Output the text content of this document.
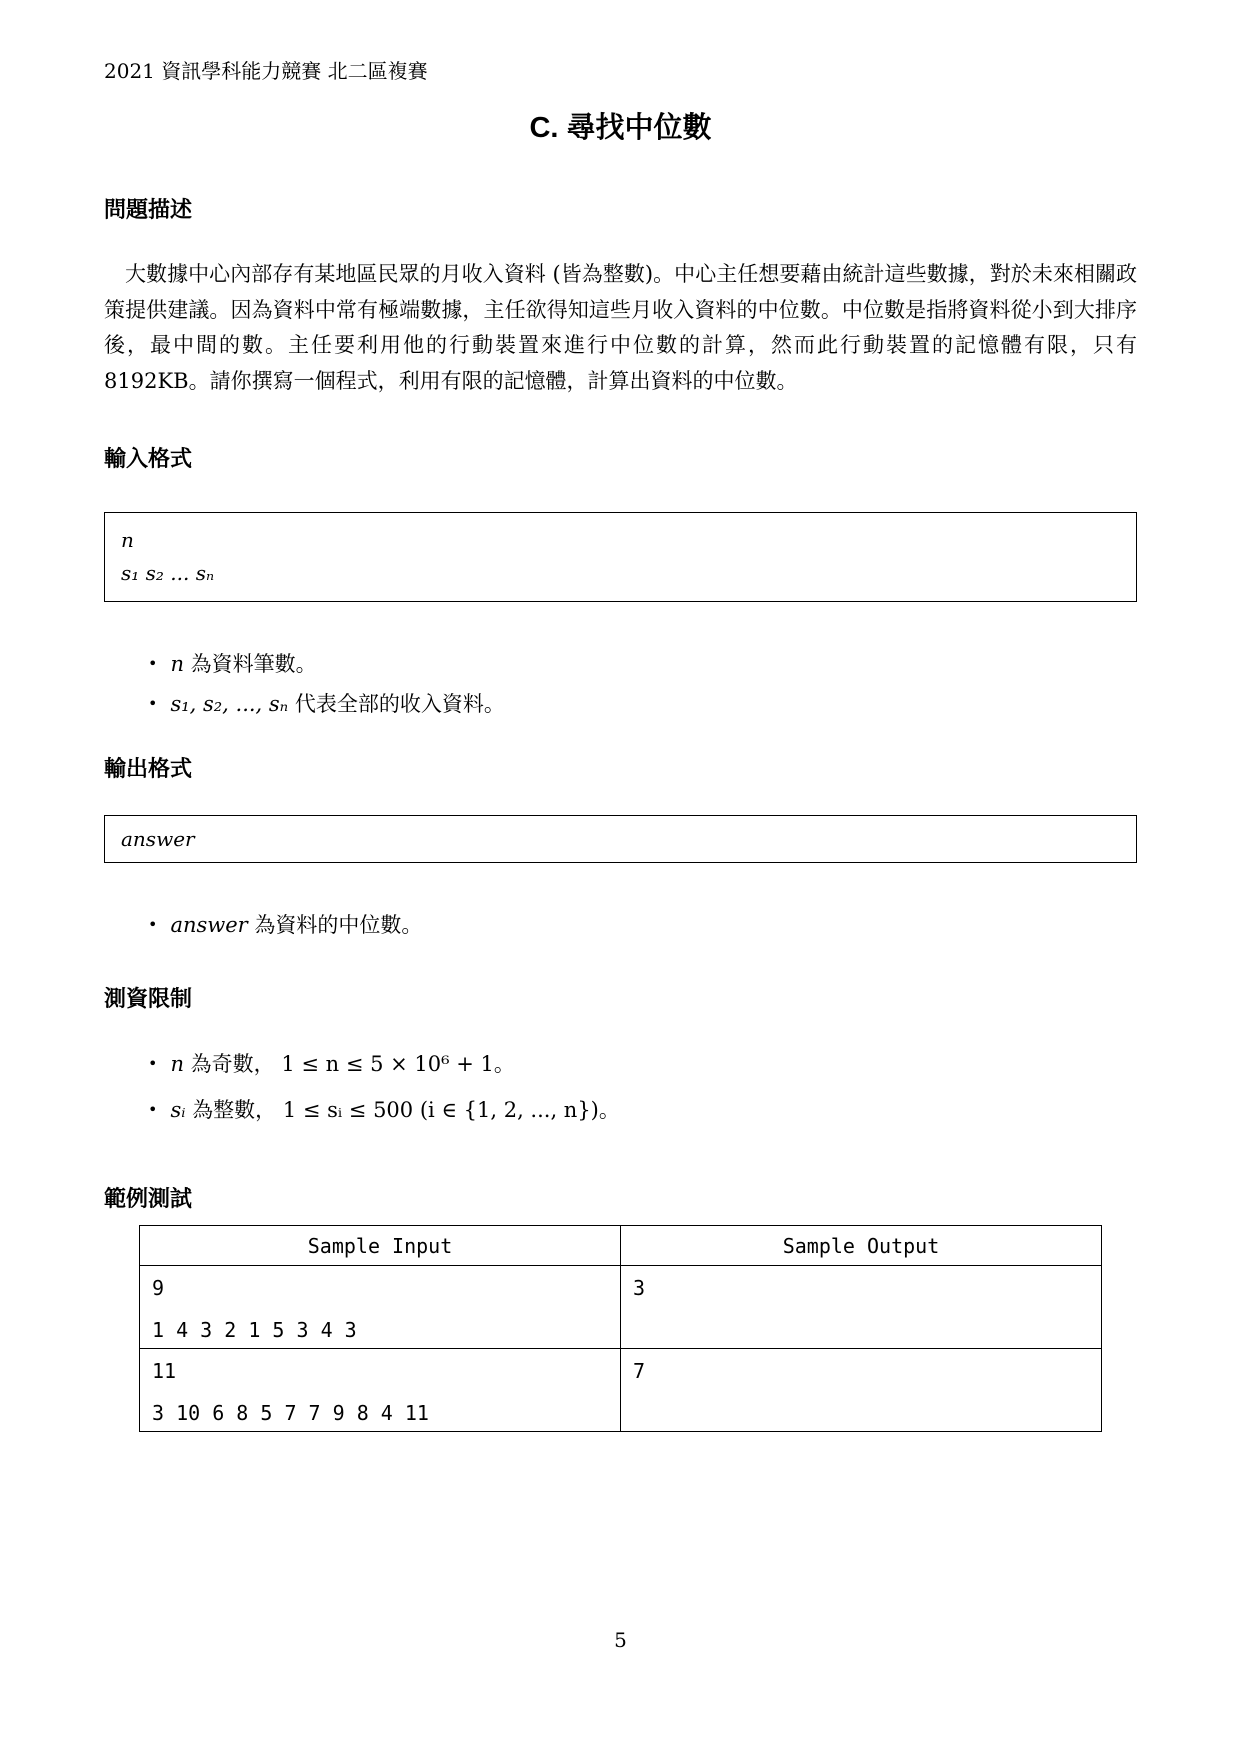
2021 資訊學科能力競賽 北二區複賽
C. 尋找中位數
問題描述
大數據中心內部存有某地區民眾的月收入資料 (皆為整數)。中心主任想要藉由統計這些數據，對於未來相關政策提供建議。因為資料中常有極端數據，主任欲得知這些月收入資料的中位數。中位數是指將資料從小到大排序後，最中間的數。主任要利用他的行動裝置來進行中位數的計算，然而此行動裝置的記憶體有限，只有 8192KB。請你撰寫一個程式，利用有限的記憶體，計算出資料的中位數。
輸入格式
n
s₁ s₂ ... sₙ
• n 為資料筆數。
• s₁, s₂, ..., sₙ 代表全部的收入資料。
輸出格式
answer
• answer 為資料的中位數。
測資限制
• n 為奇數， 1 ≤ n ≤ 5 × 10⁶ + 1。
• sᵢ 為整數， 1 ≤ sᵢ ≤ 500 (i ∈ {1, 2, ..., n})。
範例測試
Sample Input	Sample Output

9
1 4 3 2 1 5 3 4 3	3

11
3 10 6 8 5 7 7 9 8 4 11	7
5
